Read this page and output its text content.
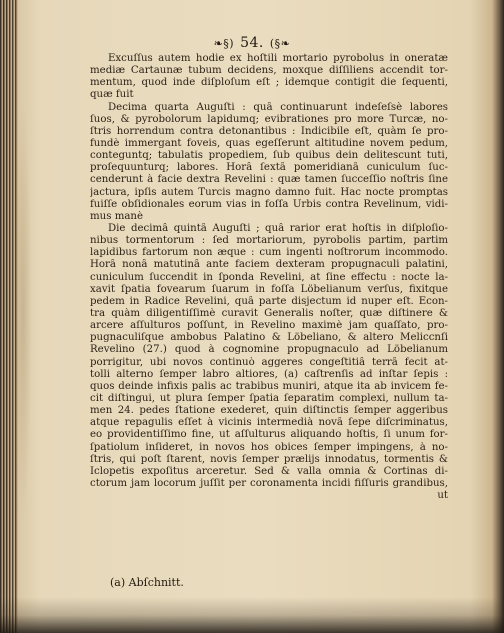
❧§) 54. (§❧
Excuſſus autem hodie ex hoſtili mortario pyrobolus in oneratæ
mediæ Cartaunæ tubum decidens, moxque diſſiliens accendit tor-
mentum, quod inde diſploſum eſt ; idemque contigit die ſequenti,
quæ fuit
Decima quarta Auguſti : quâ continuarunt indeſeſsè labores
ſuos, & pyrobolorum lapidumq; evibrationes pro more Turcæ, no-
ſtris horrendum contra detonantibus : Indicibile eſt, quàm ſe pro-
fundè immergant foveis, quas egeſſerunt altitudine novem pedum,
conteguntq; tabulatis propediem, ſub quibus dein delitescunt tuti,
proſequunturq; labores. Horâ ſextâ pomeridianâ cuniculum ſuc-
cenderunt à facie dextra Revelini : quæ tamen ſucceſſio noſtris ſine
jactura, ipſis autem Turcis magno damno fuit. Hac nocte promptas
fuiſſe obſidionales eorum vias in foſſa Urbis contra Revelinum, vidi-
mus manè
Die decimâ quintâ Auguſti ; quâ rarior erat hoſtis in diſploſio-
nibus tormentorum : ſed mortariorum, pyrobolis partim, partim
lapidibus fartorum non æque : cum ingenti noſtrorum incommodo.
Horâ nonâ matutinâ ante faciem dexteram propugnaculi palatini,
cuniculum ſuccendit in ſponda Revelini, at ſine effectu : nocte la-
xavit ſpatia fovearum ſuarum in foſſa Löbelianum verſus, fixitque
pedem in Radice Revelini, quâ parte disjectum id nuper eſt. Econ-
tra quàm diligentiſſimè curavit Generalis noſter, quæ diſtinere &
arcere aſſulturos poſſunt, in Revelino maximè jam quaſſato, pro-
pugnaculiſque ambobus Palatino & Löbeliano, & altero Meliccnſi
Revelino (27.) quod à cognomine propugnaculo ad Löbelianum
porrigitur, ubi novos continuò aggeres congeſtitiâ terrâ fecit at-
tolli alterno ſemper labro altiores, (a) caſtrenſis ad inſtar ſepis :
quos deinde infixis palis ac trabibus muniri, atque ita ab invicem fe-
cit diſtingui, ut plura ſemper ſpatia ſeparatim complexi, nullum ta-
men 24. pedes ſtatione exederet, quin diſtinctis ſemper aggeribus
atque repagulis eſſet à vicinis intermedià novâ ſepe diſcriminatus,
eo providentiſſimo fine, ut aſſulturus aliquando hoſtis, ſi unum for-
ſpatiolum inſideret, in novos hos obices ſemper impingens, à no-
ſtris, qui poſt ſtarent, novis ſemper prælijs innodatus, tormentis &
Iclopetis expoſitus arceretur. Sed & valla omnia & Cortinas di-
ctorum jam locorum juſſit per coronamenta incidi fiſſuris grandibus,
ut
(a) Abſchnitt.
